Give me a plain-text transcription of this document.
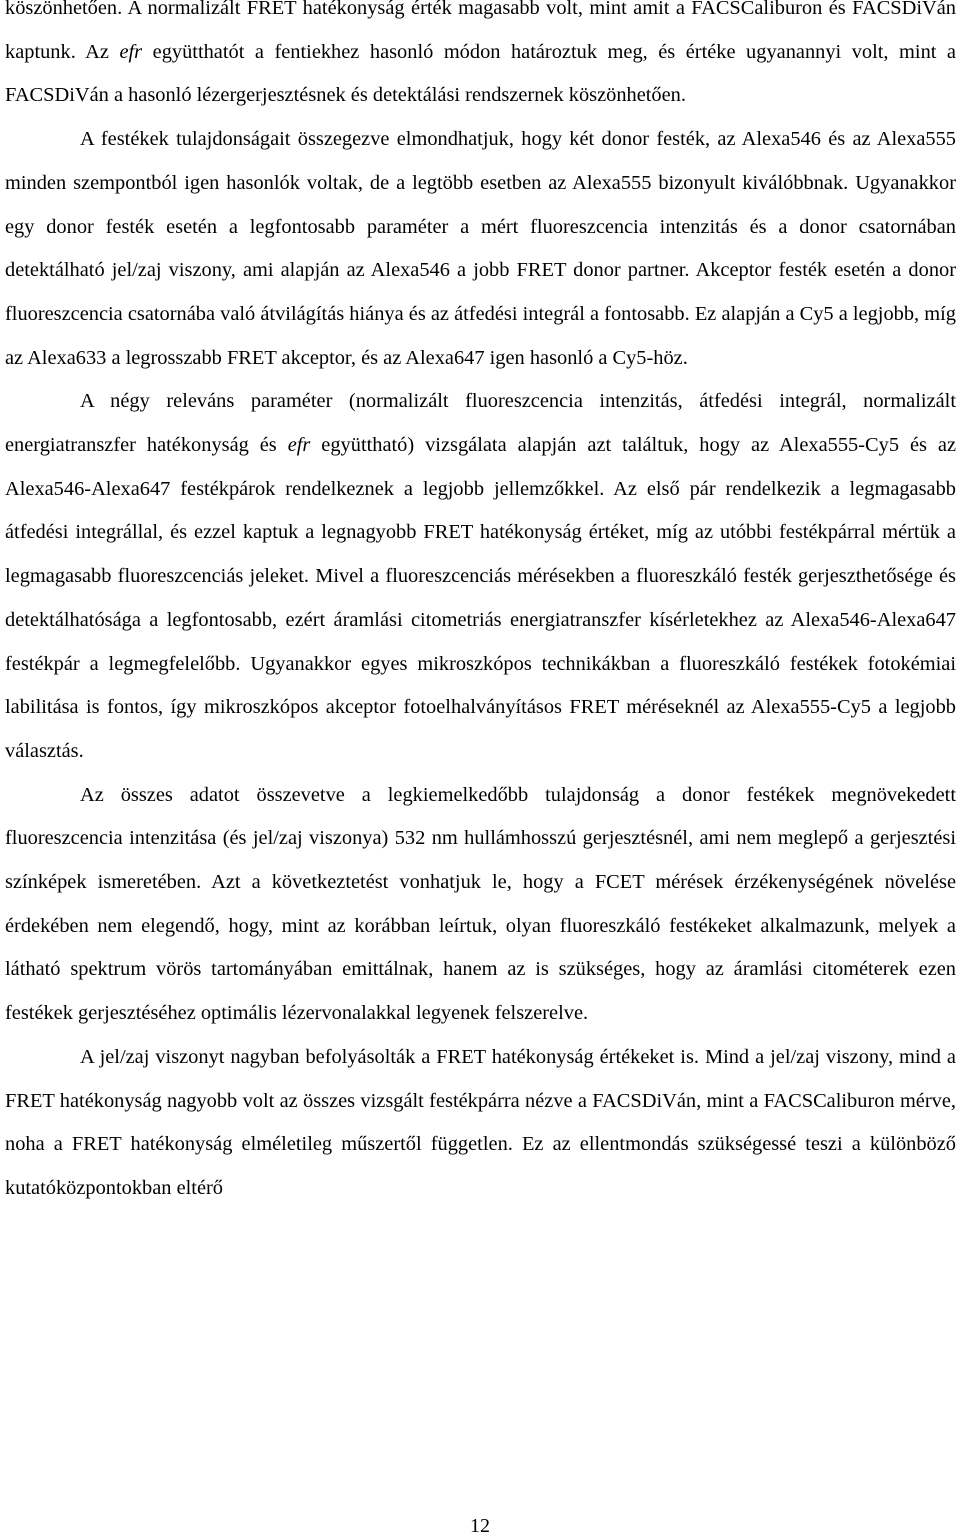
köszönhetően. A normalizált FRET hatékonyság érték magasabb volt, mint amit a FACSCaliburon és FACSDiVán kaptunk. Az efr együtthatót a fentiekhez hasonló módon határoztuk meg, és értéke ugyanannyi volt, mint a FACSDiVán a hasonló lézergerjesztésnek és detektálási rendszernek köszönhetően.

A festékek tulajdonságait összegezve elmondhatjuk, hogy két donor festék, az Alexa546 és az Alexa555 minden szempontból igen hasonlók voltak, de a legtöbb esetben az Alexa555 bizonyult kiválóbbnak. Ugyanakkor egy donor festék esetén a legfontosabb paraméter a mért fluoreszcencia intenzitás és a donor csatornában detektálható jel/zaj viszony, ami alapján az Alexa546 a jobb FRET donor partner. Akceptor festék esetén a donor fluoreszcencia csatornába való átvilágítás hiánya és az átfedési integrál a fontosabb. Ez alapján a Cy5 a legjobb, míg az Alexa633 a legrosszabb FRET akceptor, és az Alexa647 igen hasonló a Cy5-höz.

A négy releváns paraméter (normalizált fluoreszcencia intenzitás, átfedési integrál, normalizált energiatranszfer hatékonyság és efr együttható) vizsgálata alapján azt találtuk, hogy az Alexa555-Cy5 és az Alexa546-Alexa647 festékpárok rendelkeznek a legjobb jellemzőkkel. Az első pár rendelkezik a legmagasabb átfedési integrállal, és ezzel kaptuk a legnagyobb FRET hatékonyság értéket, míg az utóbbi festékpárral mértük a legmagasabb fluoreszcenciás jeleket. Mivel a fluoreszcenciás mérésekben a fluoreszkáló festék gerjeszthetősége és detektálhatósága a legfontosabb, ezért áramlási citometriás energiatranszfer kísérletekhez az Alexa546-Alexa647 festékpár a legmegfelelőbb. Ugyanakkor egyes mikroszkópos technikákban a fluoreszkáló festékek fotokémiai labilitása is fontos, így mikroszkópos akceptor fotoelhalványításos FRET méréseknél az Alexa555-Cy5 a legjobb választás.

Az összes adatot összevetve a legkiemelkedőbb tulajdonság a donor festékek megnövekedett fluoreszcencia intenzitása (és jel/zaj viszonya) 532 nm hullámhosszú gerjesztésnél, ami nem meglepő a gerjesztési színképek ismeretében. Azt a következtetést vonhatjuk le, hogy a FCET mérések érzékenységének növelése érdekében nem elegendő, hogy, mint az korábban leírtuk, olyan fluoreszkáló festékeket alkalmazunk, melyek a látható spektrum vörös tartományában emittálnak, hanem az is szükséges, hogy az áramlási citométerek ezen festékek gerjesztéséhez optimális lézervonalakkal legyenek felszerelve.

A jel/zaj viszonyt nagyban befolyásolták a FRET hatékonyság értékeket is. Mind a jel/zaj viszony, mind a FRET hatékonyság nagyobb volt az összes vizsgált festékpárra nézve a FACSDiVán, mint a FACSCaliburon mérve, noha a FRET hatékonyság elméletileg műszertől független. Ez az ellentmondás szükségessé teszi a különböző kutatóközpontokban eltérő

12
